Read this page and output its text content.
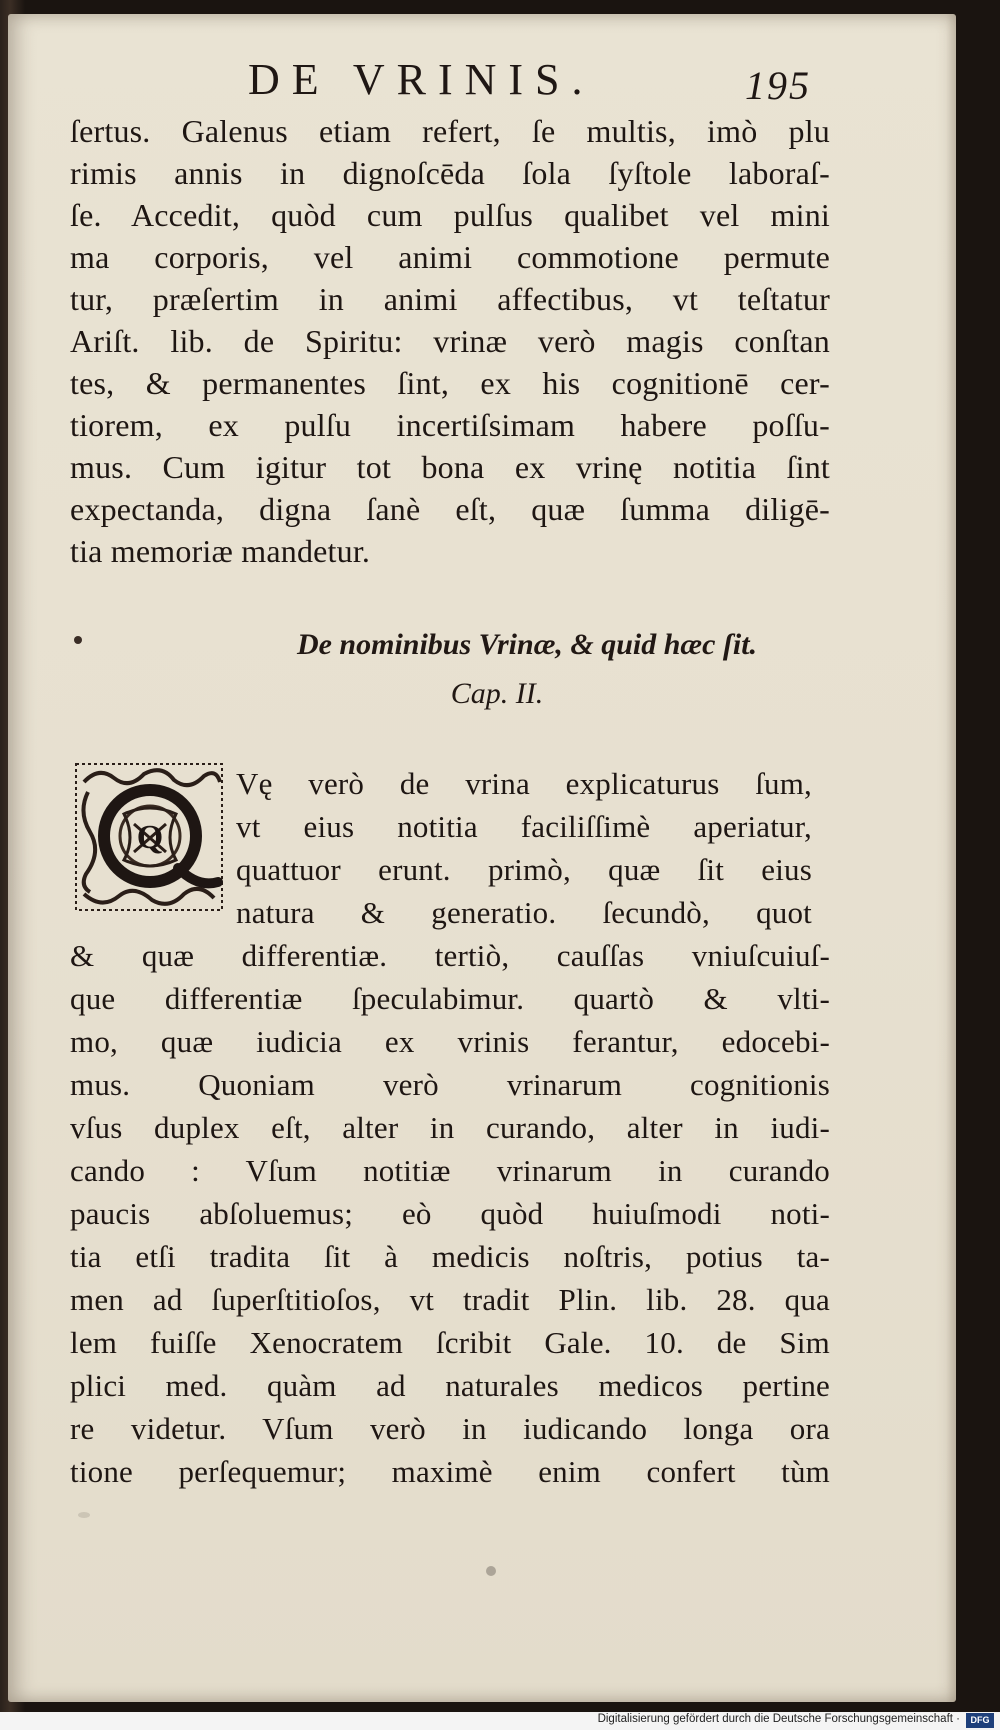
DE VRINIS.	195
ſertus. Galenus etiam refert, ſe multis, imò plu
rimis annis in dignoſcēda ſola ſyſtole laboraſ-
ſe. Accedit, quòd cum pulſus qualibet vel mini
ma corporis, vel animi commotione permute
tur, præſertim in animi affectibus, vt teſtatur
Ariſt. lib. de Spiritu: vrinæ verò magis conſtan
tes, & permanentes ſint, ex his cognitionē cer-
tiorem, ex pulſu incertiſsimam habere poſſu-
mus. Cum igitur tot bona ex vrinę notitia ſint
expectanda, digna ſanè eſt, quæ ſumma diligē-
tia memoriæ mandetur.
De nominibus Vrinæ, & quid hæc ſit.
Cap. II.
Q
Vę verò de vrina explicaturus ſum,
vt eius notitia faciliſſimè aperiatur,
quattuor erunt. primò, quæ ſit eius
natura & generatio. ſecundò, quot
& quæ differentiæ. tertiò, cauſſas vniuſcuiuſ-
que differentiæ ſpeculabimur. quartò & vlti-
mo, quæ iudicia ex vrinis ferantur, edocebi-
mus. Quoniam verò vrinarum cognitionis
vſus duplex eſt, alter in curando, alter in iudi-
cando : Vſum notitiæ vrinarum in curando
paucis abſoluemus; eò quòd huiuſmodi noti-
tia etſi tradita ſit à medicis noſtris, potius ta-
men ad ſuperſtitioſos, vt tradit Plin. lib. 28. qua
lem fuiſſe Xenocratem ſcribit Gale. 10. de Sim
plici med. quàm ad naturales medicos pertine
re videtur. Vſum verò in iudicando longa ora
tione perſequemur; maximè enim confert tùm
Digitalisierung gefördert durch die Deutsche Forschungsgemeinschaft ·	DFG
